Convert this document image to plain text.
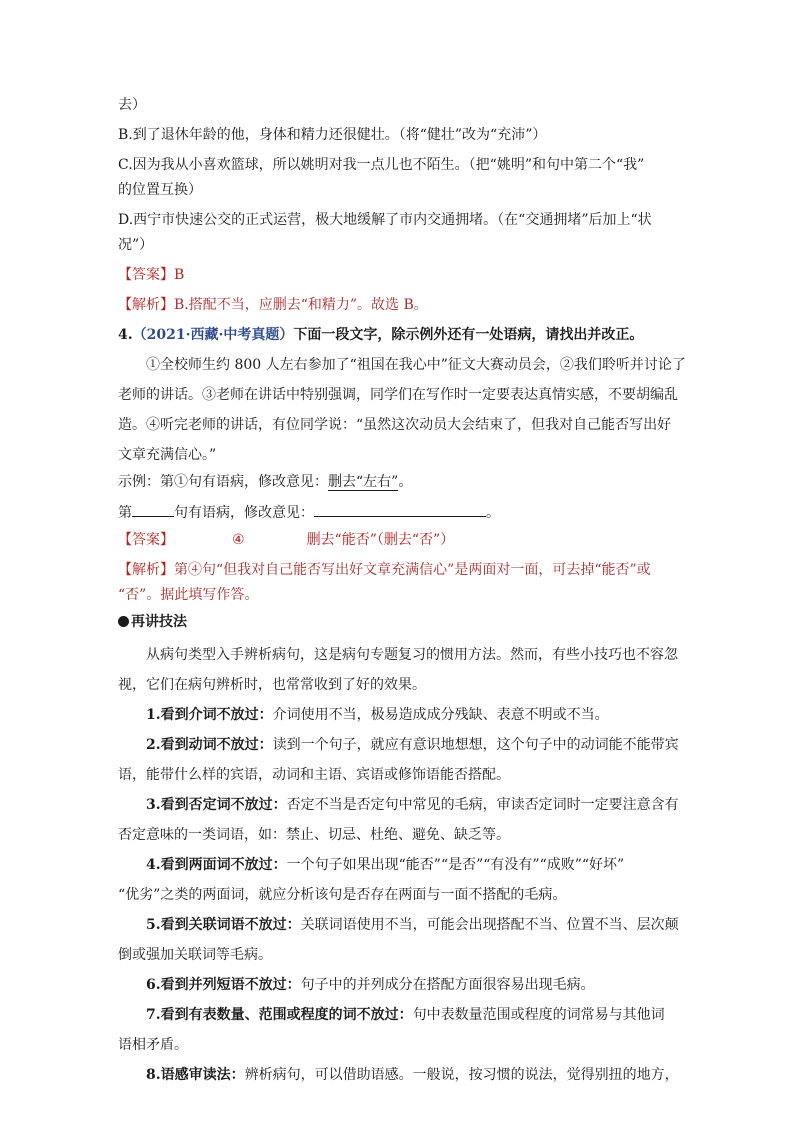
去）
B.到了退休年龄的他，身体和精力还很健壮。（将“健壮”改为“充沛”）
C.因为我从小喜欢篮球，所以姚明对我一点儿也不陌生。（把“姚明”和句中第二个“我”
的位置互换）
D.西宁市快速公交的正式运营，极大地缓解了市内交通拥堵。（在“交通拥堵”后加上“状
况”）
【答案】B
【解析】B.搭配不当，应删去“和精力”。故选 B。
4.（2021·西藏·中考真题）下面一段文字，除示例外还有一处语病，请找出并改正。
①全校师生约 800 人左右参加了“祖国在我心中”征文大赛动员会，②我们聆听并讨论了
老师的讲话。③老师在讲话中特别强调，同学们在写作时一定要表达真情实感，不要胡编乱
造。④听完老师的讲话，有位同学说：“虽然这次动员大会结束了，但我对自己能否写出好
文章充满信心。”
示例：第①句有语病，修改意见：删去“左右”。
第	句有语病，修改意见：	。
【答案】	④	删去“能否”（删去“否”）
【解析】第④句“但我对自己能否写出好文章充满信心”是两面对一面，可去掉“能否”或
“否”。据此填写作答。
再讲技法
从病句类型入手辨析病句，这是病句专题复习的惯用方法。然而，有些小技巧也不容忽
视，它们在病句辨析时，也常常收到了好的效果。
1.看到介词不放过：介词使用不当，极易造成成分残缺、表意不明或不当。
2.看到动词不放过：读到一个句子，就应有意识地想想，这个句子中的动词能不能带宾
语，能带什么样的宾语，动词和主语、宾语或修饰语能否搭配。
3.看到否定词不放过：否定不当是否定句中常见的毛病，审读否定词时一定要注意含有
否定意味的一类词语，如：禁止、切忌、杜绝、避免、缺乏等。
4.看到两面词不放过：一个句子如果出现“能否”“是否”“有没有”“成败”“好坏”
“优劣”之类的两面词，就应分析该句是否存在两面与一面不搭配的毛病。
5.看到关联词语不放过：关联词语使用不当，可能会出现搭配不当、位置不当、层次颠
倒或强加关联词等毛病。
6.看到并列短语不放过：句子中的并列成分在搭配方面很容易出现毛病。
7.看到有表数量、范围或程度的词不放过：句中表数量范围或程度的词常易与其他词
语相矛盾。
8.语感审读法：辨析病句，可以借助语感。一般说，按习惯的说法，觉得别扭的地方，
